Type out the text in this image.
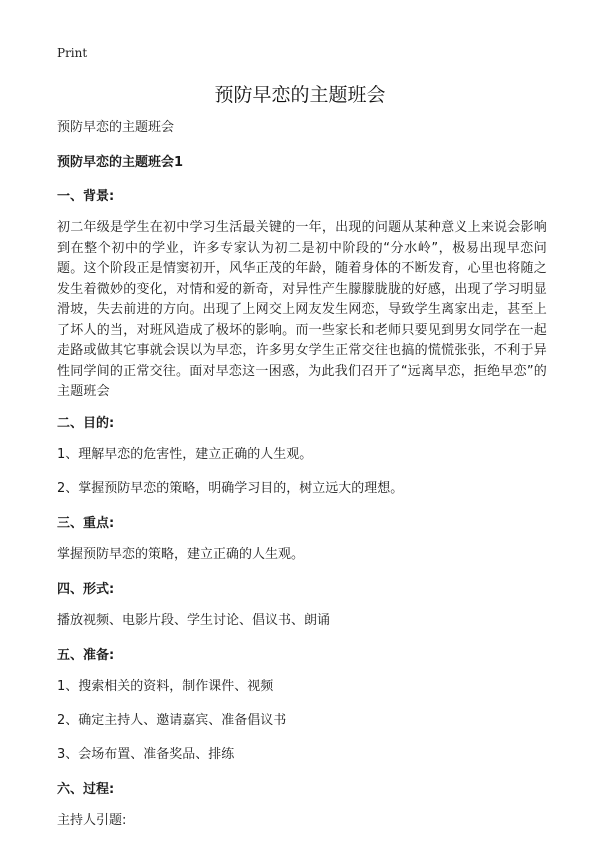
Print
预防早恋的主题班会

预防早恋的主题班会

预防早恋的主题班会1

一、背景:

初二年级是学生在初中学习生活最关键的一年，出现的问题从某种意义上来说会影响到在整个初中的学业，许多专家认为初二是初中阶段的“分水岭”，极易出现早恋问题。这个阶段正是情窦初开，风华正茂的年龄，随着身体的不断发育，心里也将随之发生着微妙的变化，对情和爱的新奇，对异性产生朦朦胧胧的好感，出现了学习明显滑坡，失去前进的方向。出现了上网交上网友发生网恋，导致学生离家出走，甚至上了坏人的当，对班风造成了极坏的影响。而一些家长和老师只要见到男女同学在一起走路或做其它事就会误以为早恋，许多男女学生正常交往也搞的慌慌张张，不利于异性同学间的正常交往。面对早恋这一困惑，为此我们召开了“远离早恋，拒绝早恋”的主题班会

二、目的:

1、理解早恋的危害性，建立正确的人生观。

2、掌握预防早恋的策略，明确学习目的，树立远大的理想。

三、重点:

掌握预防早恋的策略，建立正确的人生观。

四、形式:

播放视频、电影片段、学生讨论、倡议书、朗诵

五、准备:

1、搜索相关的资料，制作课件、视频

2、确定主持人、邀请嘉宾、准备倡议书

3、会场布置、准备奖品、排练

六、过程:

主持人引题:
